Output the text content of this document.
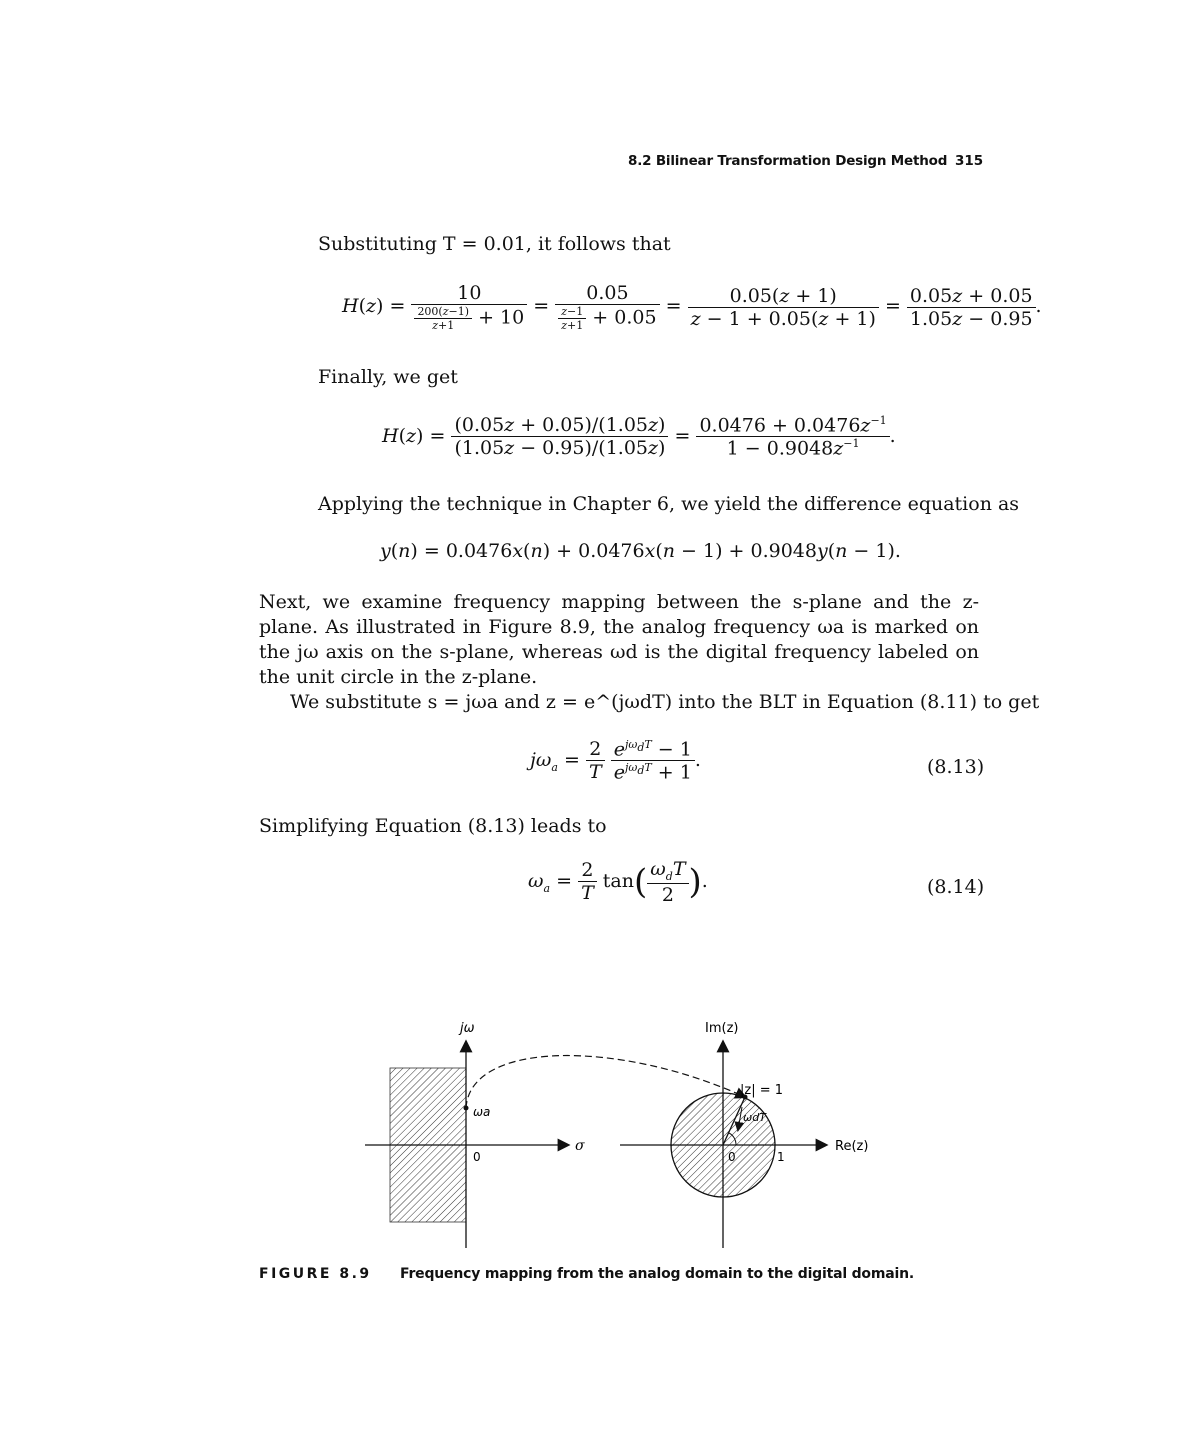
8.2 Bilinear Transformation Design Method 315
Substituting T = 0.01, it follows that
$H(z) = \frac{10}{\frac{200(z-1)}{z+1} + 10} = \frac{0.05}{\frac{z-1}{z+1} + 0.05} = \frac{0.05(z + 1)}{z - 1 + 0.05(z + 1)} = \frac{0.05z + 0.05}{1.05z - 0.95}$ .
Finally, we get
$H(z) = \frac{(0.05z + 0.05)/(1.05z)}{(1.05z - 0.95)/(1.05z)} = \frac{0.0476 + 0.0476z^{-1}}{1 - 0.9048z^{-1}}$ .
Applying the technique in Chapter 6, we yield the difference equation as
y(n) = 0.0476x(n) + 0.0476x(n − 1) + 0.9048y(n − 1).
Next, we examine frequency mapping between the s-plane and the z-plane. As illustrated in Figure 8.9, the analog frequency ωa is marked on the jω axis on the s-plane, whereas ωd is the digital frequency labeled on the unit circle in the z-plane.
We substitute s = jωa and z = e^(jωdT) into the BLT in Equation (8.11) to get
$j\omega_a = \frac{2}{T}$
$\frac{e^{j\omega_dT} - 1}{e^{j\omega_dT} + 1}$ .	(8.13)
Simplifying Equation (8.13) leads to
$\omega_a = \frac{2}{T} \tan( \frac{\omega_dT}{2}$ ).	(8.14)
jω
σ
0
ωa
Im(z)
Re(z)
0	1
|z| = 1
ωdT
FIGURE 8.9 Frequency mapping from the analog domain to the digital domain.
